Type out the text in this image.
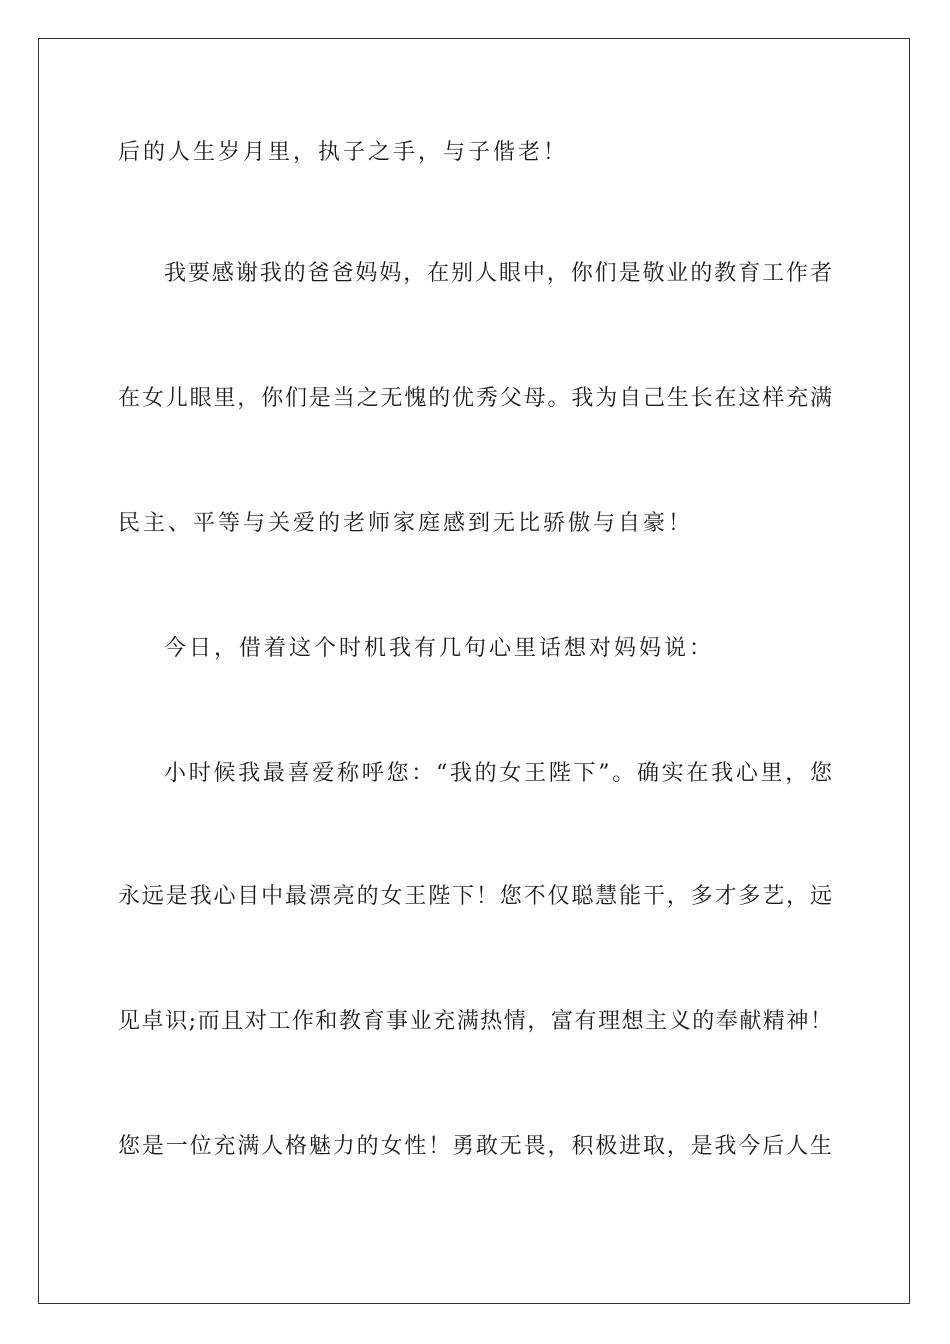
后的人生岁月里，执子之手，与子偕老！
我要感谢我的爸爸妈妈，在别人眼中，你们是敬业的教育工作者
在女儿眼里，你们是当之无愧的优秀父母。我为自己生长在这样充满
民主、平等与关爱的老师家庭感到无比骄傲与自豪！
今日，借着这个时机我有几句心里话想对妈妈说：
小时候我最喜爱称呼您：“我的女王陛下”。确实在我心里，您
永远是我心目中最漂亮的女王陛下！您不仅聪慧能干，多才多艺，远
见卓识;而且对工作和教育事业充满热情，富有理想主义的奉献精神！
您是一位充满人格魅力的女性！勇敢无畏，积极进取，是我今后人生
